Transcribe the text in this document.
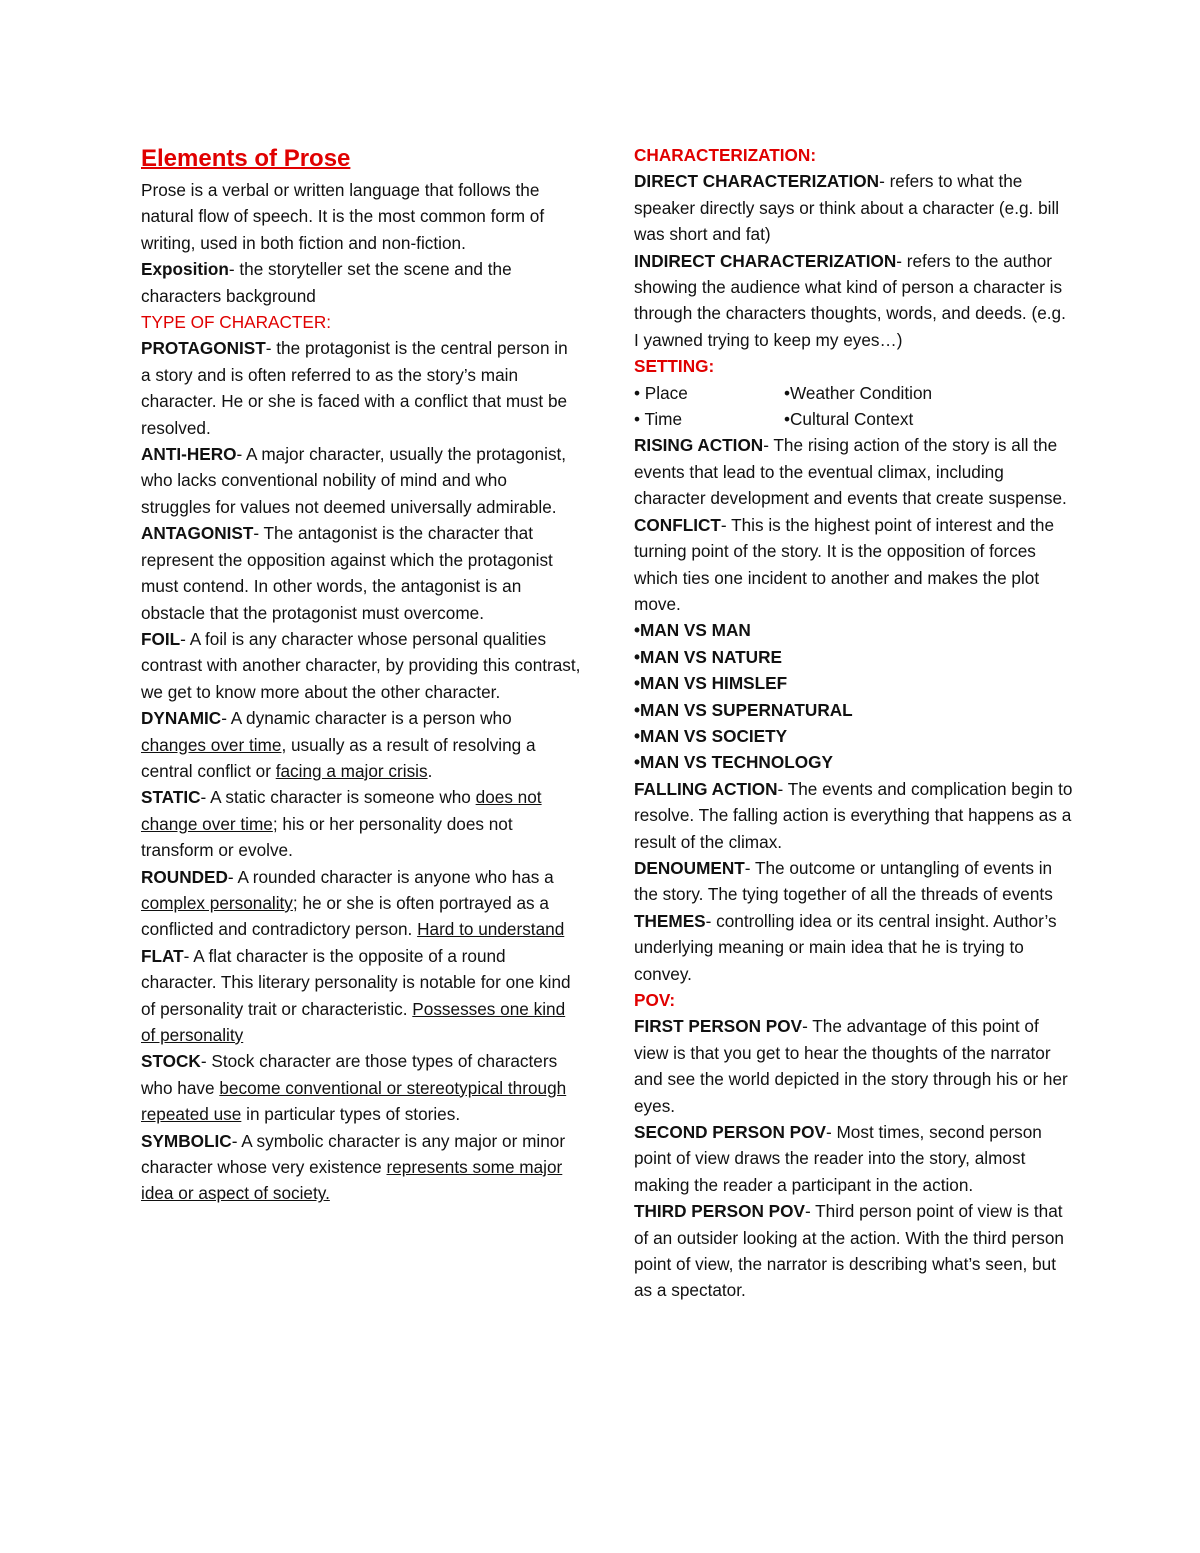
Elements of Prose

Prose is a verbal or written language that follows the natural flow of speech. It is the most common form of writing, used in both fiction and non-fiction.

Exposition- the storyteller set the scene and the characters background

TYPE OF CHARACTER:

PROTAGONIST- the protagonist is the central person in a story and is often referred to as the story’s main character. He or she is faced with a conflict that must be resolved.

ANTI-HERO- A major character, usually the protagonist, who lacks conventional nobility of mind and who struggles for values not deemed universally admirable.

ANTAGONIST- The antagonist is the character that represent the opposition against which the protagonist must contend. In other words, the antagonist is an obstacle that the protagonist must overcome.

FOIL- A foil is any character whose personal qualities contrast with another character, by providing this contrast, we get to know more about the other character.

DYNAMIC- A dynamic character is a person who changes over time, usually as a result of resolving a central conflict or facing a major crisis.

STATIC- A static character is someone who does not change over time; his or her personality does not transform or evolve.

ROUNDED- A rounded character is anyone who has a complex personality; he or she is often portrayed as a conflicted and contradictory person. Hard to understand

FLAT- A flat character is the opposite of a round character. This literary personality is notable for one kind of personality trait or characteristic. Possesses one kind of personality

STOCK- Stock character are those types of characters who have become conventional or stereotypical through repeated use in particular types of stories.

SYMBOLIC- A symbolic character is any major or minor character whose very existence represents some major idea or aspect of society.

CHARACTERIZATION:

DIRECT CHARACTERIZATION- refers to what the speaker directly says or think about a character (e.g. bill was short and fat)

INDIRECT CHARACTERIZATION- refers to the author showing the audience what kind of person a character is through the characters thoughts, words, and deeds. (e.g. I yawned trying to keep my eyes…)

SETTING:

• Place	•Weather Condition
• Time	•Cultural Context

RISING ACTION- The rising action of the story is all the events that lead to the eventual climax, including character development and events that create suspense.

CONFLICT- This is the highest point of interest and the turning point of the story. It is the opposition of forces which ties one incident to another and makes the plot move.

•MAN VS MAN

•MAN VS NATURE

•MAN VS HIMSLEF

•MAN VS SUPERNATURAL

•MAN VS SOCIETY

•MAN VS TECHNOLOGY

FALLING ACTION- The events and complication begin to resolve. The falling action is everything that happens as a result of the climax.

DENOUMENT- The outcome or untangling of events in the story. The tying together of all the threads of events

THEMES- controlling idea or its central insight. Author’s underlying meaning or main idea that he is trying to convey.

POV:

FIRST PERSON POV- The advantage of this point of view is that you get to hear the thoughts of the narrator and see the world depicted in the story through his or her eyes.

SECOND PERSON POV- Most times, second person point of view draws the reader into the story, almost making the reader a participant in the action.

THIRD PERSON POV- Third person point of view is that of an outsider looking at the action. With the third person point of view, the narrator is describing what’s seen, but as a spectator.
